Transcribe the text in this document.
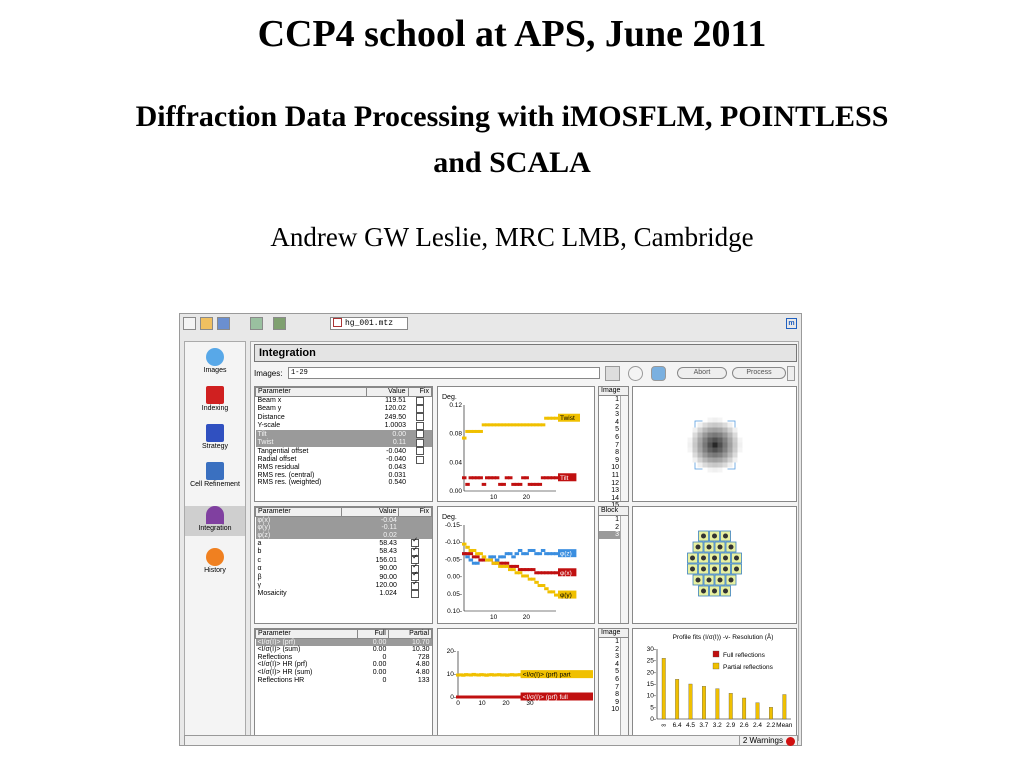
CCP4 school at APS, June 2011
Diffraction Data Processing with iMOSFLM, POINTLESS
and SCALA
Andrew GW Leslie, MRC LMB, Cambridge
hg_001.mtz	m
Images
Indexing
Strategy
Cell Refinement
Integration
History
Integration
Images:	1-29	Abort	Process
Parameter	Value	Fix
Beam x	119.51	
Beam y	120.02	
Distance	249.50	
Y-scale	1.0003	
Tilt	0.00	
Twist	0.11	
Tangential offset	-0.040	
Radial offset	-0.040	
RMS residual	0.043	
RMS res. (central)	0.031	
RMS res. (weighted)	0.540	
Deg.
0.00
0.04
0.08
0.12
10	20
Twist
Tilt
Image
1
2
3
4
5
6
7
8
9
10
11
12
13
14
Parameter	Value	Fix
φ(x)	-0.04	
φ(y)	-0.11	
φ(z)	0.02	
a	58.43	✓
b	58.43	✓
c	156.01	✓
α	90.00	✓
β	90.00	✓
γ	120.00	✓
Mosaicity	1.024	
Deg.
0.10-
0.05-
0.00-
-0.05-
-0.10-
-0.15-
10	20
φ(z)
φ(x)
φ(y)
Block
1
2
3
Parameter	Full	Partial
<I/σ(I)> (prf)	0.00	10.70
<I/σ(I)> (sum)	0.00	10.30
Reflections	0	728
<I/σ(I)> HR (prf)	0.00	4.80
<I/σ(I)> HR (sum)	0.00	4.80
Reflections HR	0	133
0-
10-
20-
0	10	20	30
<I/σ(I)> (prf) part
<I/σ(I)> (prf) full
Image
1
2
3
4
5
6
7
8
9
10
Profile fits (I/σ(I)) -v- Resolution (Å)
0-
5-
10-
15-
20-
25-
30-
∞ 6.4 4.5 3.7 3.2 2.9 2.6 2.4 2.2 Mean
Full reflections
Partial reflections
2 Warnings
